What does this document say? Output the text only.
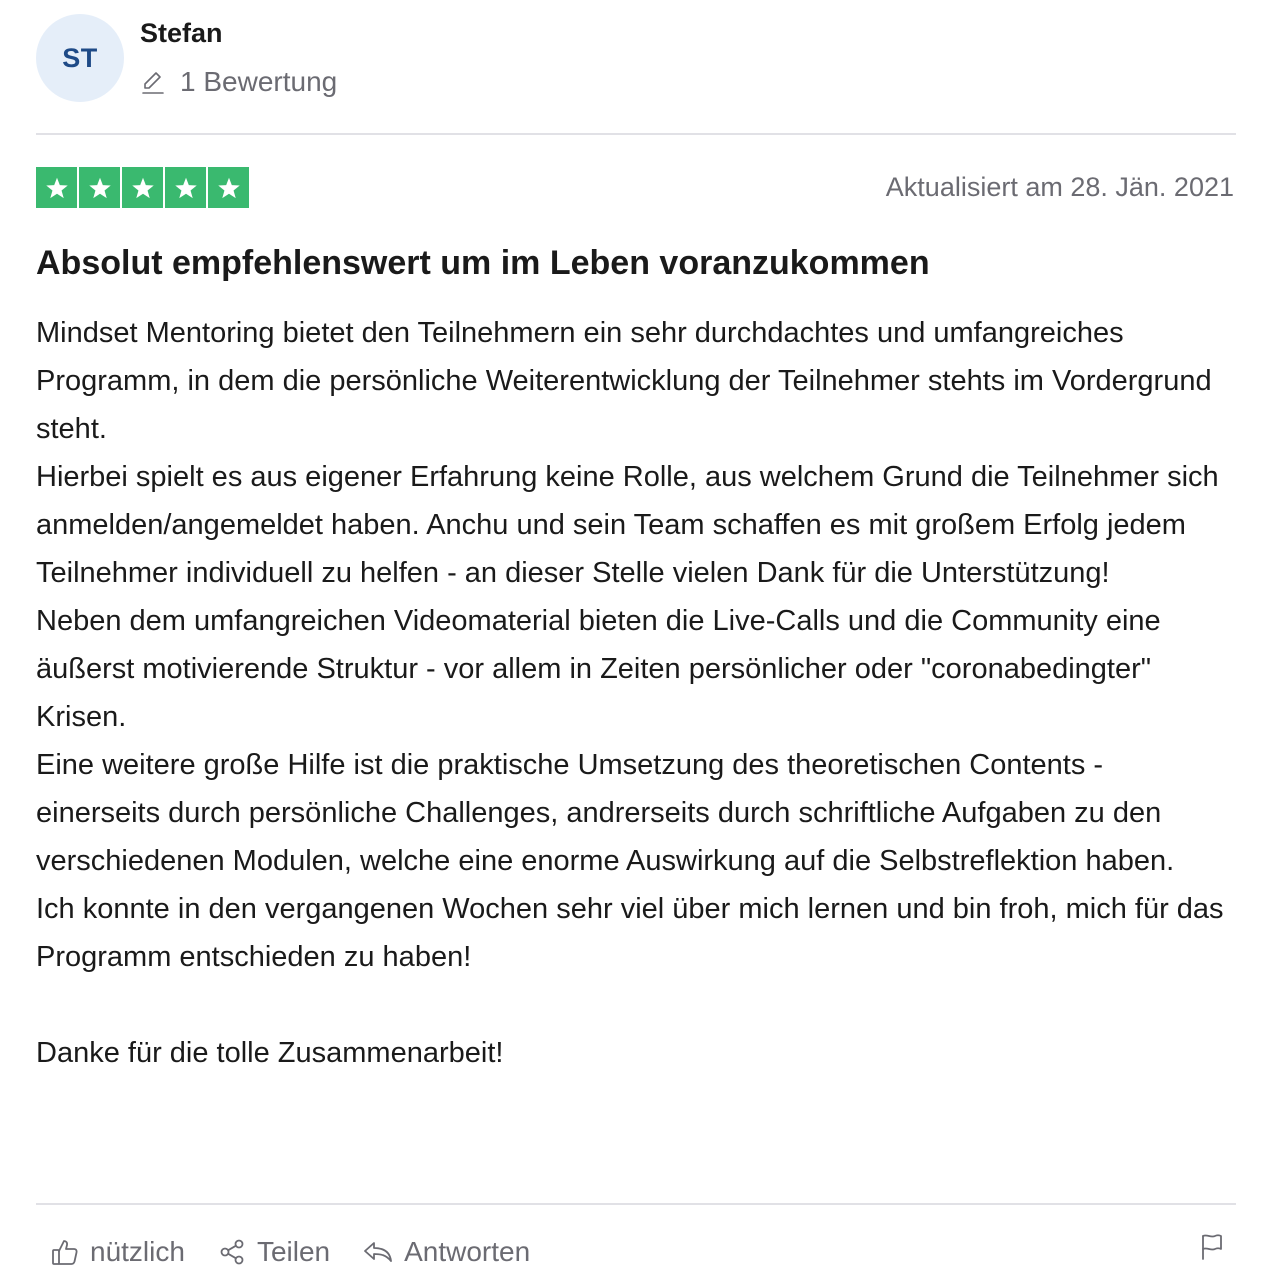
ST
Stefan
1 Bewertung
Aktualisiert am 28. Jän. 2021
Absolut empfehlenswert um im Leben voranzukommen

Mindset Mentoring bietet den Teilnehmern ein sehr durchdachtes und umfangreiches Programm, in dem die persönliche Weiterentwicklung der Teilnehmer stehts im Vordergrund steht.

Hierbei spielt es aus eigener Erfahrung keine Rolle, aus welchem Grund die Teilnehmer sich anmelden/angemeldet haben. Anchu und sein Team schaffen es mit großem Erfolg jedem Teilnehmer individuell zu helfen - an dieser Stelle vielen Dank für die Unterstützung!

Neben dem umfangreichen Videomaterial bieten die Live-Calls und die Community eine äußerst motivierende Struktur - vor allem in Zeiten persönlicher oder "coronabedingter" Krisen.

Eine weitere große Hilfe ist die praktische Umsetzung des theoretischen Contents - einerseits durch persönliche Challenges, andrerseits durch schriftliche Aufgaben zu den verschiedenen Modulen, welche eine enorme Auswirkung auf die Selbstreflektion haben.

Ich konnte in den vergangenen Wochen sehr viel über mich lernen und bin froh, mich für das Programm entschieden zu haben!

Danke für die tolle Zusammenarbeit!

nützlich	Teilen	Antworten
